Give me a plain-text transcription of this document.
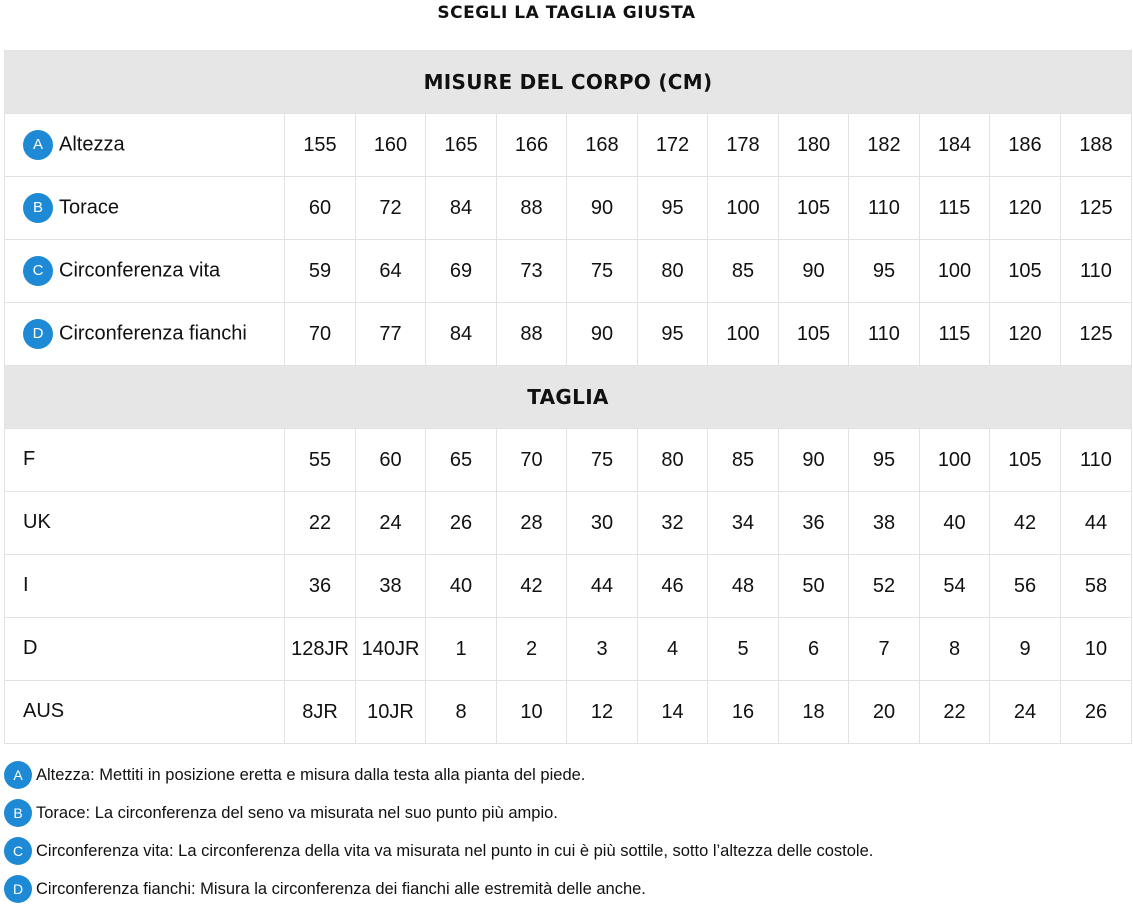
SCEGLI LA TAGLIA GIUSTA
MISURE DEL CORPO (CM)												
A Altezza	155	160	165	166	168	172	178	180	182	184	186	188
B Torace	60	72	84	88	90	95	100	105	110	115	120	125
C Circonferenza vita	59	64	69	73	75	80	85	90	95	100	105	110
D Circonferenza fianchi	70	77	84	88	90	95	100	105	110	115	120	125
TAGLIA												
F	55	60	65	70	75	80	85	90	95	100	105	110
UK	22	24	26	28	30	32	34	36	38	40	42	44
I	36	38	40	42	44	46	48	50	52	54	56	58
D	128JR	140JR	1	2	3	4	5	6	7	8	9	10
AUS	8JR	10JR	8	10	12	14	16	18	20	22	24	26
A Altezza: Mettiti in posizione eretta e misura dalla testa alla pianta del piede.
B Torace: La circonferenza del seno va misurata nel suo punto più ampio.
C Circonferenza vita: La circonferenza della vita va misurata nel punto in cui è più sottile, sotto l’altezza delle costole.
D Circonferenza fianchi: Misura la circonferenza dei fianchi alle estremità delle anche.
